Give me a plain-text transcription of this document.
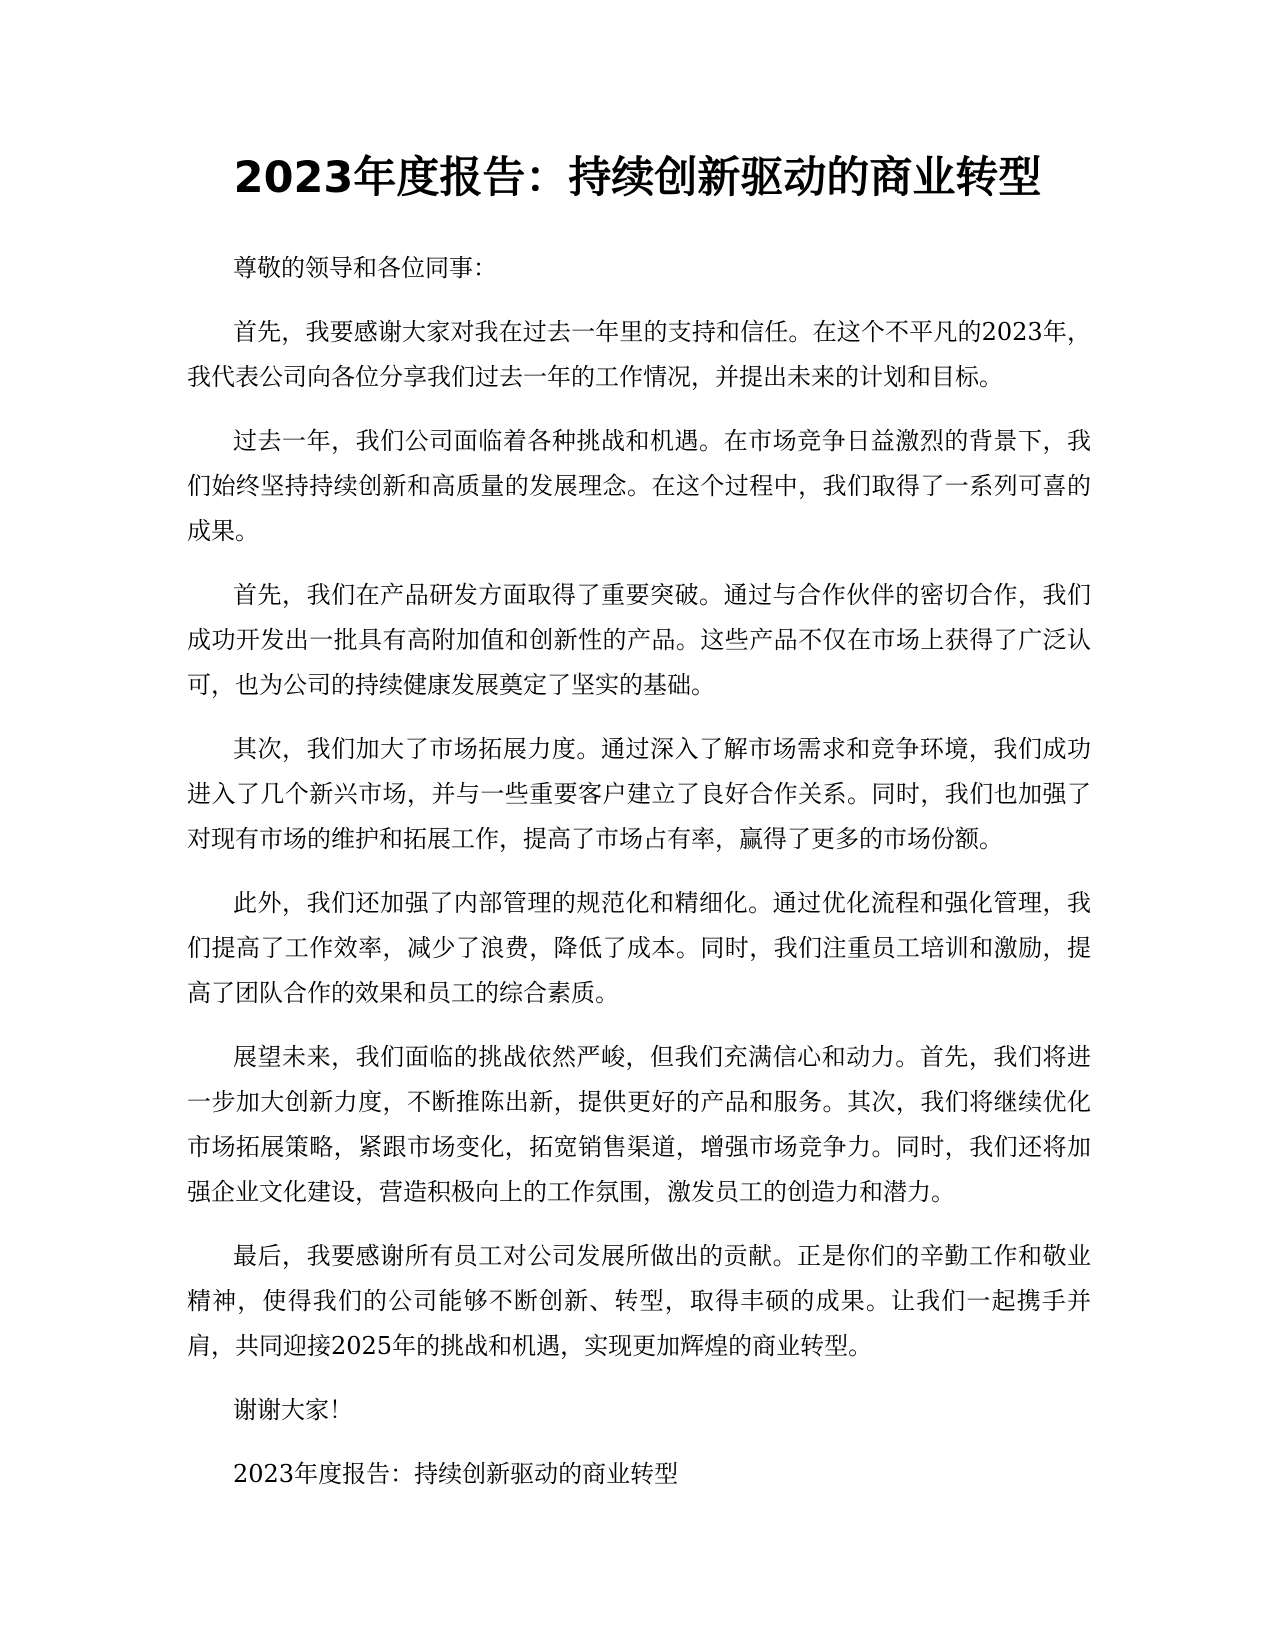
2023年度报告：持续创新驱动的商业转型

尊敬的领导和各位同事：

首先，我要感谢大家对我在过去一年里的支持和信任。在这个不平凡的2023年，我代表公司向各位分享我们过去一年的工作情况，并提出未来的计划和目标。

过去一年，我们公司面临着各种挑战和机遇。在市场竞争日益激烈的背景下，我们始终坚持持续创新和高质量的发展理念。在这个过程中，我们取得了一系列可喜的成果。

首先，我们在产品研发方面取得了重要突破。通过与合作伙伴的密切合作，我们成功开发出一批具有高附加值和创新性的产品。这些产品不仅在市场上获得了广泛认可，也为公司的持续健康发展奠定了坚实的基础。

其次，我们加大了市场拓展力度。通过深入了解市场需求和竞争环境，我们成功进入了几个新兴市场，并与一些重要客户建立了良好合作关系。同时，我们也加强了对现有市场的维护和拓展工作，提高了市场占有率，赢得了更多的市场份额。

此外，我们还加强了内部管理的规范化和精细化。通过优化流程和强化管理，我们提高了工作效率，减少了浪费，降低了成本。同时，我们注重员工培训和激励，提高了团队合作的效果和员工的综合素质。

展望未来，我们面临的挑战依然严峻，但我们充满信心和动力。首先，我们将进一步加大创新力度，不断推陈出新，提供更好的产品和服务。其次，我们将继续优化市场拓展策略，紧跟市场变化，拓宽销售渠道，增强市场竞争力。同时，我们还将加强企业文化建设，营造积极向上的工作氛围，激发员工的创造力和潜力。

最后，我要感谢所有员工对公司发展所做出的贡献。正是你们的辛勤工作和敬业精神，使得我们的公司能够不断创新、转型，取得丰硕的成果。让我们一起携手并肩，共同迎接2025年的挑战和机遇，实现更加辉煌的商业转型。

谢谢大家！

2023年度报告：持续创新驱动的商业转型
